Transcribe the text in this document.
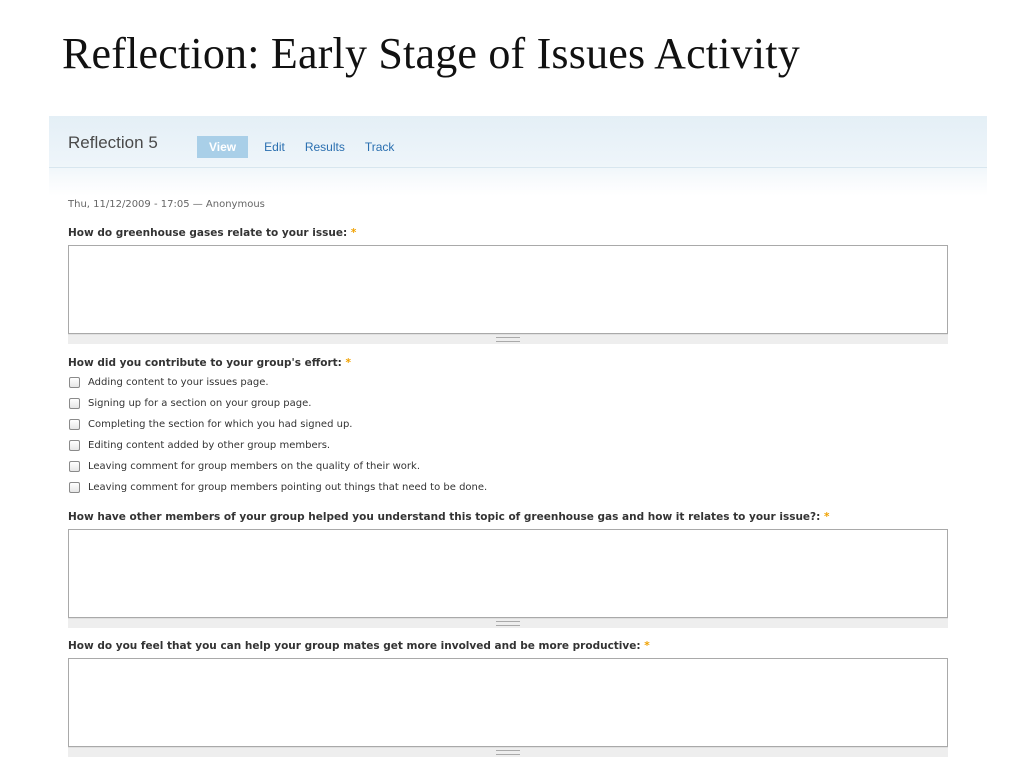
Reflection: Early Stage of Issues Activity
Reflection 5	View	Edit	Results	Track
Thu, 11/12/2009 - 17:05 — Anonymous
How do greenhouse gases relate to your issue: *
How did you contribute to your group's effort: *
Adding content to your issues page.
Signing up for a section on your group page.
Completing the section for which you had signed up.
Editing content added by other group members.
Leaving comment for group members on the quality of their work.
Leaving comment for group members pointing out things that need to be done.
How have other members of your group helped you understand this topic of greenhouse gas and how it relates to your issue?: *
How do you feel that you can help your group mates get more involved and be more productive: *
